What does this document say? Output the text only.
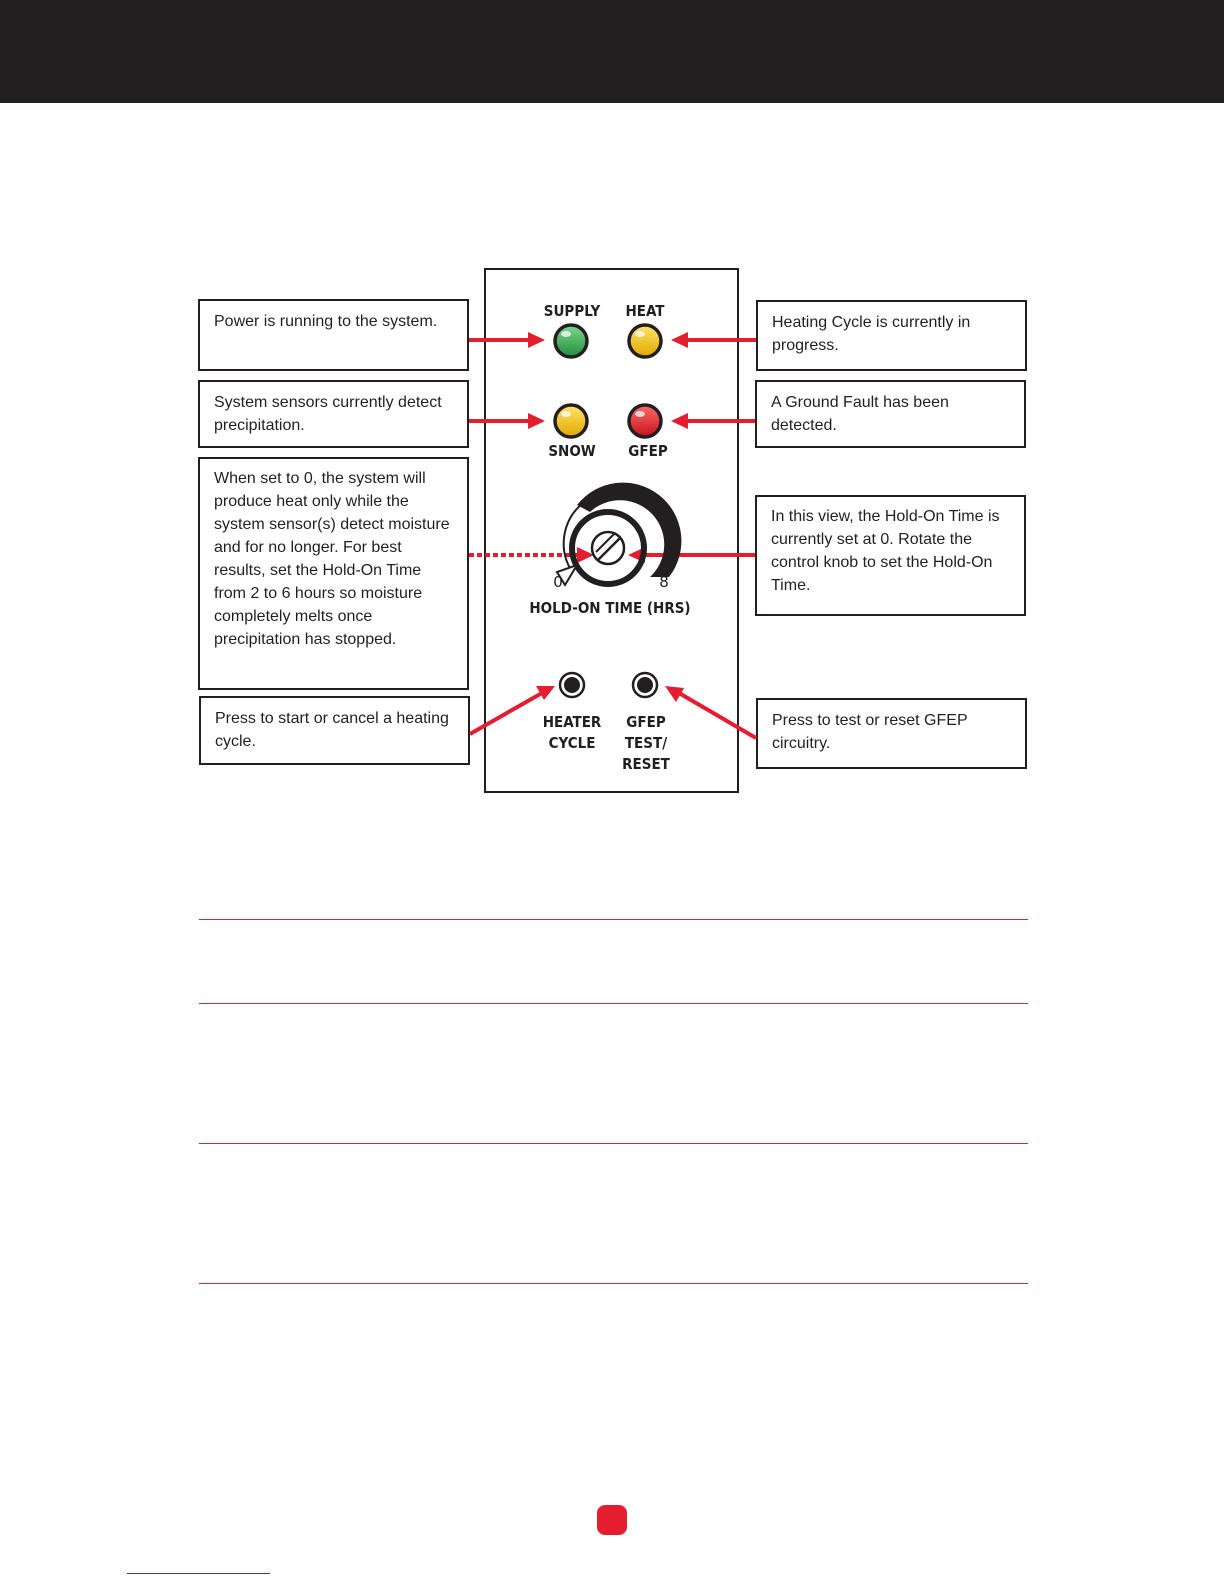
Power is running to the system.	Heating Cycle is currently in progress.
System sensors currently detect precipitation.
A Ground Fault has been detected.
When set to 0, the system will produce heat only while the system sensor(s) detect moisture and for no longer. For best results, set the Hold-On Time from 2 to 6 hours so moisture completely melts once precipitation has stopped.
In this view, the Hold-On Time is currently set at 0. Rotate the control knob to set the Hold-On Time.
Press to start or cancel a heating cycle.
Press to test or reset GFEP circuitry.
SUPPLY	HEAT
SNOW	GFEP
0	8
HOLD-ON TIME (HRS)
HEATER
CYCLE
GFEP
TEST/
RESET
